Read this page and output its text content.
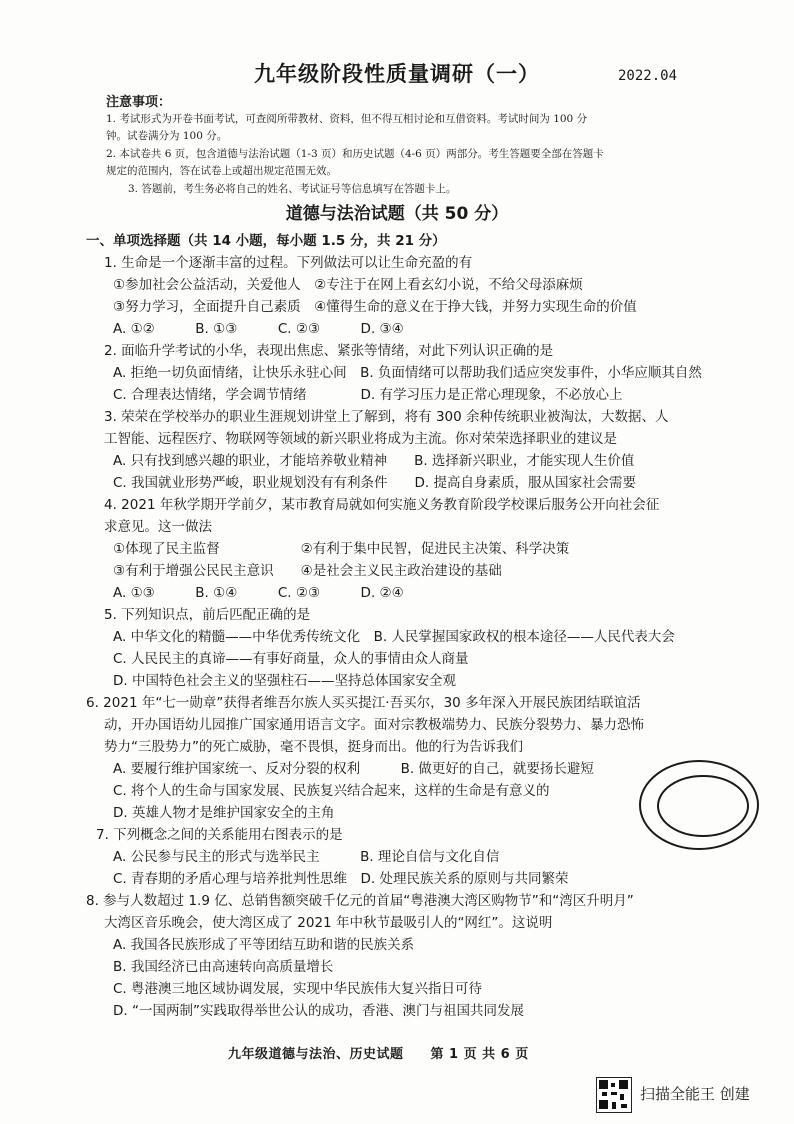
九年级阶段性质量调研（一）	2022.04
注意事项：
1. 考试形式为开卷书面考试，可查阅所带教材、资料，但不得互相讨论和互借资料。考试时间为 100 分
钟。试卷满分为 100 分。
2. 本试卷共 6 页，包含道德与法治试题（1-3 页）和历史试题（4-6 页）两部分。考生答题要全部在答题卡
规定的范围内，答在试卷上或超出规定范围无效。
3. 答题前，考生务必将自己的姓名、考试证号等信息填写在答题卡上。
道德与法治试题（共 50 分）
一、单项选择题（共 14 小题，每小题 1.5 分，共 21 分）
1. 生命是一个逐渐丰富的过程。下列做法可以让生命充盈的有
①参加社会公益活动，关爱他人　②专注于在网上看玄幻小说，不给父母添麻烦
③努力学习，全面提升自己素质　④懂得生命的意义在于挣大钱，并努力实现生命的价值
A. ①②　　　B. ①③　　　C. ②③　　　D. ③④
2. 面临升学考试的小华，表现出焦虑、紧张等情绪，对此下列认识正确的是
A. 拒绝一切负面情绪，让快乐永驻心间　B. 负面情绪可以帮助我们适应突发事件，小华应顺其自然
C. 合理表达情绪，学会调节情绪　　　　D. 有学习压力是正常心理现象，不必放心上
3. 荣荣在学校举办的职业生涯规划讲堂上了解到，将有 300 余种传统职业被淘汰，大数据、人
工智能、远程医疗、物联网等领域的新兴职业将成为主流。你对荣荣选择职业的建议是
A. 只有找到感兴趣的职业，才能培养敬业精神　　B. 选择新兴职业，才能实现人生价值
C. 我国就业形势严峻，职业规划没有有利条件　　D. 提高自身素质，服从国家社会需要
4. 2021 年秋学期开学前夕，某市教育局就如何实施义务教育阶段学校课后服务公开向社会征
求意见。这一做法
①体现了民主监督　　　　　　②有利于集中民智，促进民主决策、科学决策
③有利于增强公民民主意识　　④是社会主义民主政治建设的基础
A. ①③　　　B. ①④　　　C. ②③　　　D. ②④
5. 下列知识点，前后匹配正确的是
A. 中华文化的精髓——中华优秀传统文化　B. 人民掌握国家政权的根本途径——人民代表大会
C. 人民民主的真谛——有事好商量，众人的事情由众人商量
D. 中国特色社会主义的坚强柱石——坚持总体国家安全观
6. 2021 年“七一勋章”获得者维吾尔族人买买提江·吾买尔，30 多年深入开展民族团结联谊活
动，开办国语幼儿园推广国家通用语言文字。面对宗教极端势力、民族分裂势力、暴力恐怖
势力“三股势力”的死亡威胁，毫不畏惧，挺身而出。他的行为告诉我们
A. 要履行维护国家统一、反对分裂的权利　　　B. 做更好的自己，就要扬长避短
C. 将个人的生命与国家发展、民族复兴结合起来，这样的生命是有意义的
D. 英雄人物才是维护国家安全的主角
7. 下列概念之间的关系能用右图表示的是
A. 公民参与民主的形式与选举民主　　　B. 理论自信与文化自信
C. 青春期的矛盾心理与培养批判性思维　D. 处理民族关系的原则与共同繁荣
8. 参与人数超过 1.9 亿、总销售额突破千亿元的首届“粤港澳大湾区购物节”和“湾区升明月”
大湾区音乐晚会，使大湾区成了 2021 年中秋节最吸引人的“网红”。这说明
A. 我国各民族形成了平等团结互助和谐的民族关系
B. 我国经济已由高速转向高质量增长
C. 粤港澳三地区域协调发展，实现中华民族伟大复兴指日可待
D. “一国两制”实践取得举世公认的成功，香港、澳门与祖国共同发展
九年级道德与法治、历史试题　　第 1 页 共 6 页
扫描全能王 创建
